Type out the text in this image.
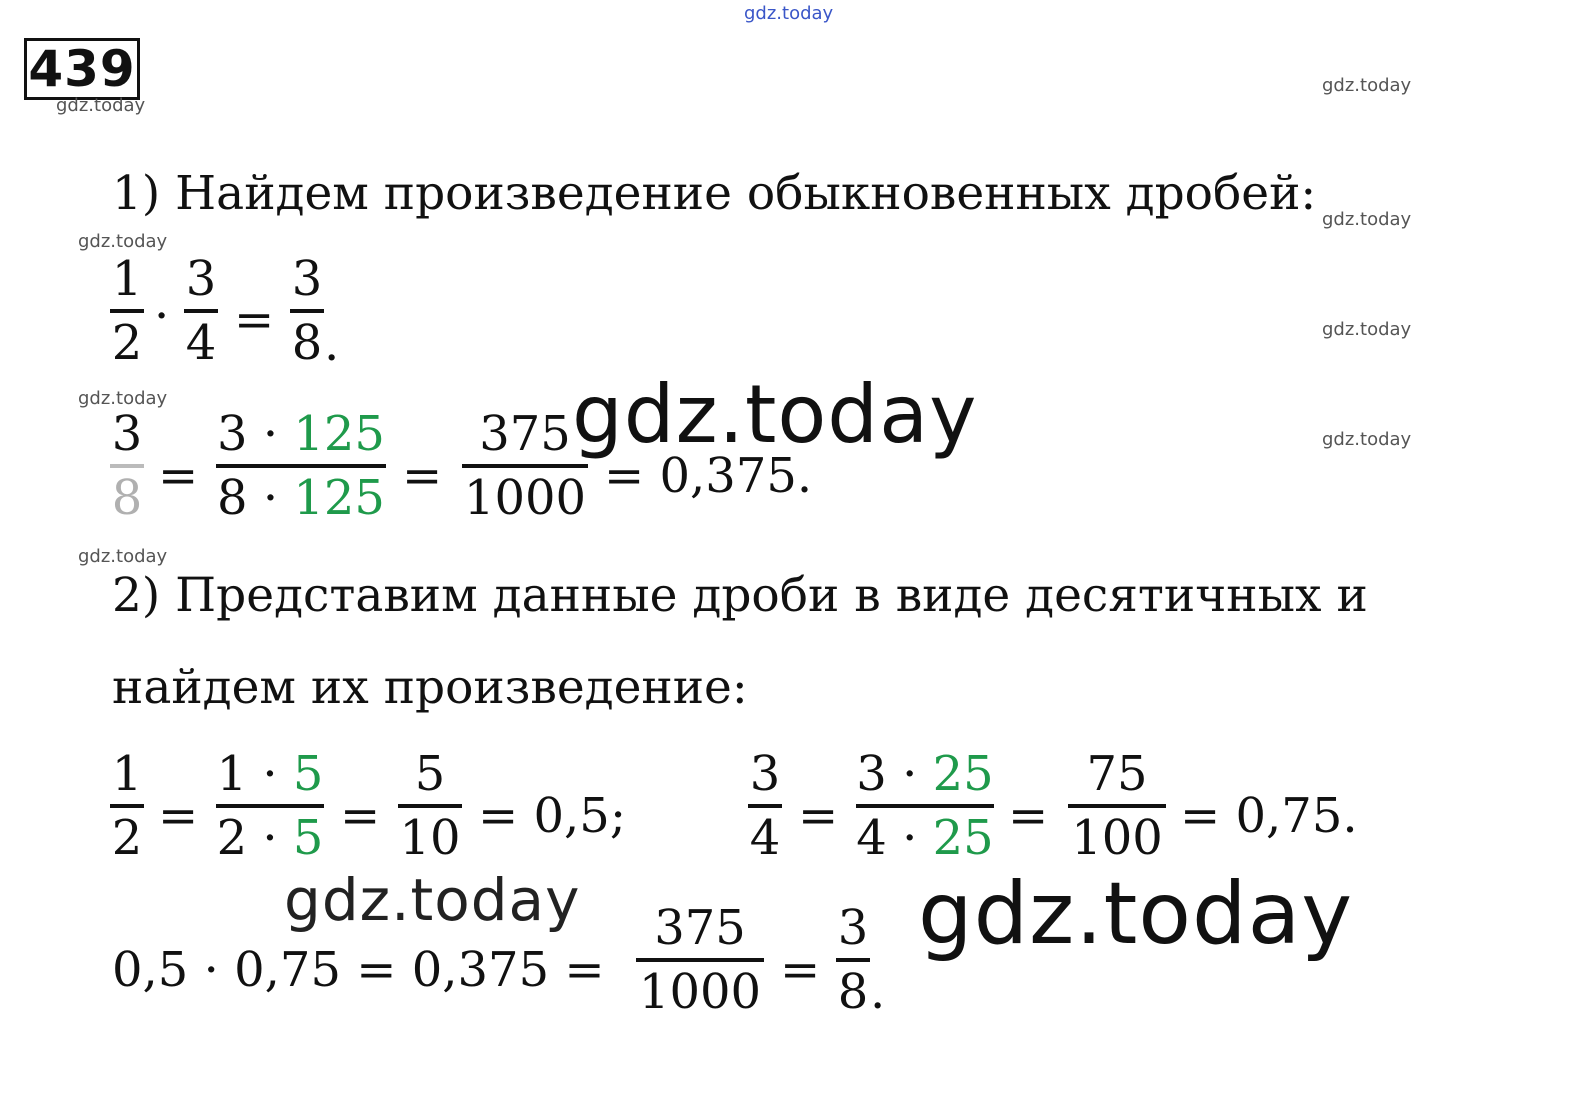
439
gdz.today
gdz.today
gdz.today
gdz.today
gdz.today
gdz.today
gdz.today
gdz.today
gdz.today
1) Найдем произведение обыкновенных дробей:
1
2 ·
3
4 =
3
8 .
3
8 =
3 · 125
8 · 125 =
375
1000 = 0,375.
gdz.today
2) Представим данные дроби в виде десятичных и
найдем их произведение:
1
2 =
1 · 5
2 · 5 =
5
10 = 0,5;
3
4 =
3 · 25
4 · 25 =
75
100 = 0,75.
gdz.today	gdz.today
0,5 · 0,75 = 0,375 =
375
1000 =
3
8 .
